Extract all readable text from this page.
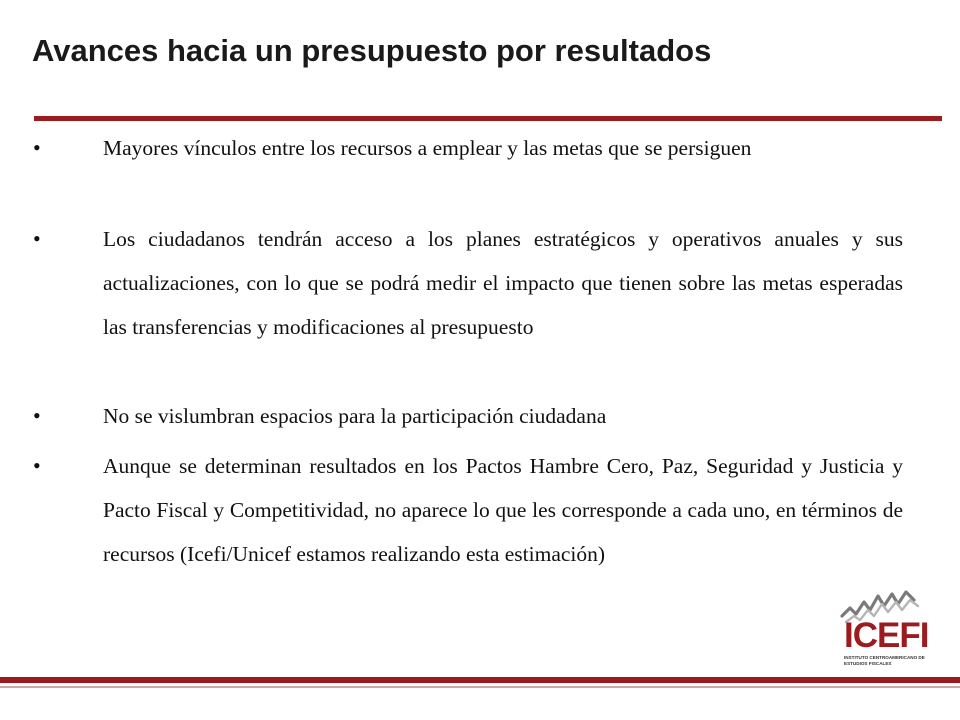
Avances hacia un presupuesto por resultados
•	Mayores vínculos entre los recursos a emplear y las metas que se persiguen
•	Los ciudadanos tendrán acceso a los planes estratégicos y operativos anuales y sus actualizaciones, con lo que se podrá medir el impacto que tienen sobre las metas esperadas las transferencias y modificaciones al presupuesto
•	No se vislumbran espacios para la participación ciudadana
•	Aunque se determinan resultados en los Pactos Hambre Cero, Paz, Seguridad y Justicia y Pacto Fiscal y Competitividad, no aparece lo que les corresponde a cada uno, en términos de recursos (Icefi/Unicef estamos realizando esta estimación)
ICEFI
INSTITUTO CENTROAMERICANO DE ESTUDIOS FISCALES
